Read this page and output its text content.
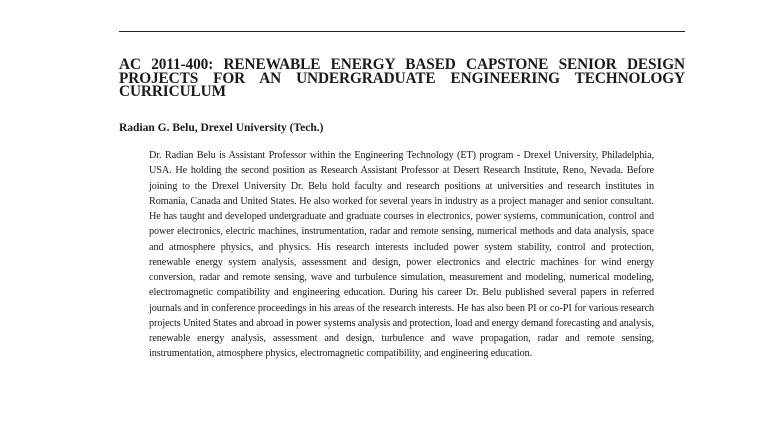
AC 2011-400: RENEWABLE ENERGY BASED CAPSTONE SENIOR DESIGN PROJECTS FOR AN UNDERGRADUATE ENGINEERING TECHNOLOGY CURRICULUM

Radian G. Belu, Drexel University (Tech.)

Dr. Radian Belu is Assistant Professor within the Engineering Technology (ET) program - Drexel University, Philadelphia, USA. He holding the second position as Research Assistant Professor at Desert Research Institute, Reno, Nevada. Before joining to the Drexel University Dr. Belu hold faculty and research positions at universities and research institutes in Romania, Canada and United States. He also worked for several years in industry as a project manager and senior consultant. He has taught and developed undergraduate and graduate courses in electronics, power systems, communication, control and power electronics, electric machines, instrumentation, radar and remote sensing, numerical methods and data analysis, space and atmosphere physics, and physics. His research interests included power system stability, control and protection, renewable energy system analysis, assessment and design, power electronics and electric machines for wind energy conversion, radar and remote sensing, wave and turbulence simulation, measurement and modeling, numerical modeling, electromagnetic compatibility and engineering education. During his career Dr. Belu published several papers in referred journals and in conference proceedings in his areas of the research interests. He has also been PI or co-PI for various research projects United States and abroad in power systems analysis and protection, load and energy demand forecasting and analysis, renewable energy analysis, assessment and design, turbulence and wave propagation, radar and remote sensing, instrumentation, atmosphere physics, electromagnetic compatibility, and engineering education.
